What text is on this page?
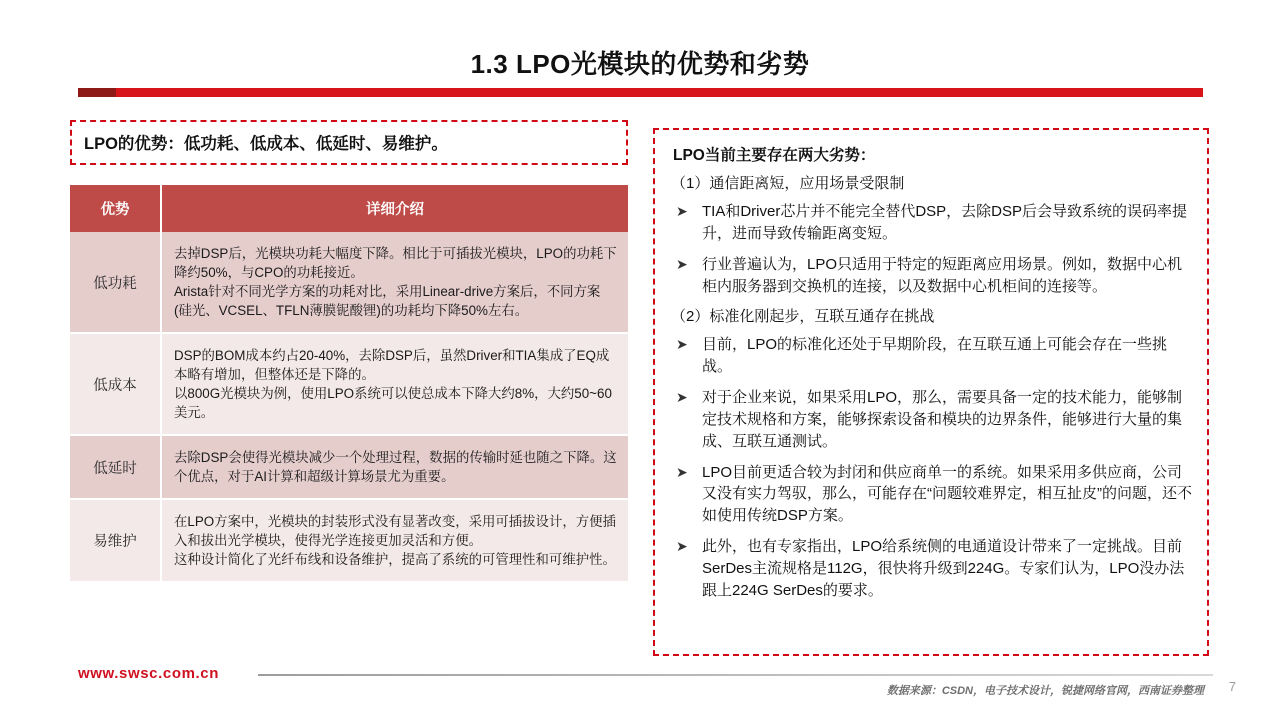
1.3 LPO光模块的优势和劣势
LPO的优势：低功耗、低成本、低延时、易维护。
优势	详细介绍
低功耗	去掉DSP后，光模块功耗大幅度下降。相比于可插拔光模块，LPO的功耗下降约50%，与CPO的功耗接近。
Arista针对不同光学方案的功耗对比，采用Linear-drive方案后，不同方案(硅光、VCSEL、TFLN薄膜铌酸锂)的功耗均下降50%左右。

低成本	DSP的BOM成本约占20-40%，去除DSP后，虽然Driver和TIA集成了EQ成本略有增加，但整体还是下降的。
以800G光模块为例，使用LPO系统可以使总成本下降大约8%，大约50~60美元。

低延时	去除DSP会使得光模块减少一个处理过程，数据的传输时延也随之下降。这个优点，对于AI计算和超级计算场景尤为重要。

易维护	在LPO方案中，光模块的封装形式没有显著改变，采用可插拔设计，方便插入和拔出光学模块，使得光学连接更加灵活和方便。
这种设计简化了光纤布线和设备维护，提高了系统的可管理性和可维护性。
LPO当前主要存在两大劣势：
（1）通信距离短，应用场景受限制
➤ TIA和Driver芯片并不能完全替代DSP，去除DSP后会导致系统的误码率提升，进而导致传输距离变短。
➤ 行业普遍认为，LPO只适用于特定的短距离应用场景。例如，数据中心机柜内服务器到交换机的连接，以及数据中心机柜间的连接等。
（2）标准化刚起步，互联互通存在挑战
➤ 目前，LPO的标准化还处于早期阶段，在互联互通上可能会存在一些挑战。
➤ 对于企业来说，如果采用LPO，那么，需要具备一定的技术能力，能够制定技术规格和方案，能够探索设备和模块的边界条件，能够进行大量的集成、互联互通测试。
➤ LPO目前更适合较为封闭和供应商单一的系统。如果采用多供应商，公司又没有实力驾驭，那么，可能存在“问题较难界定，相互扯皮”的问题，还不如使用传统DSP方案。
➤ 此外，也有专家指出，LPO给系统侧的电通道设计带来了一定挑战。目前SerDes主流规格是112G，很快将升级到224G。专家们认为，LPO没办法跟上224G SerDes的要求。
www.swsc.com.cn
数据来源：CSDN，电子技术设计，锐捷网络官网，西南证券整理 7
